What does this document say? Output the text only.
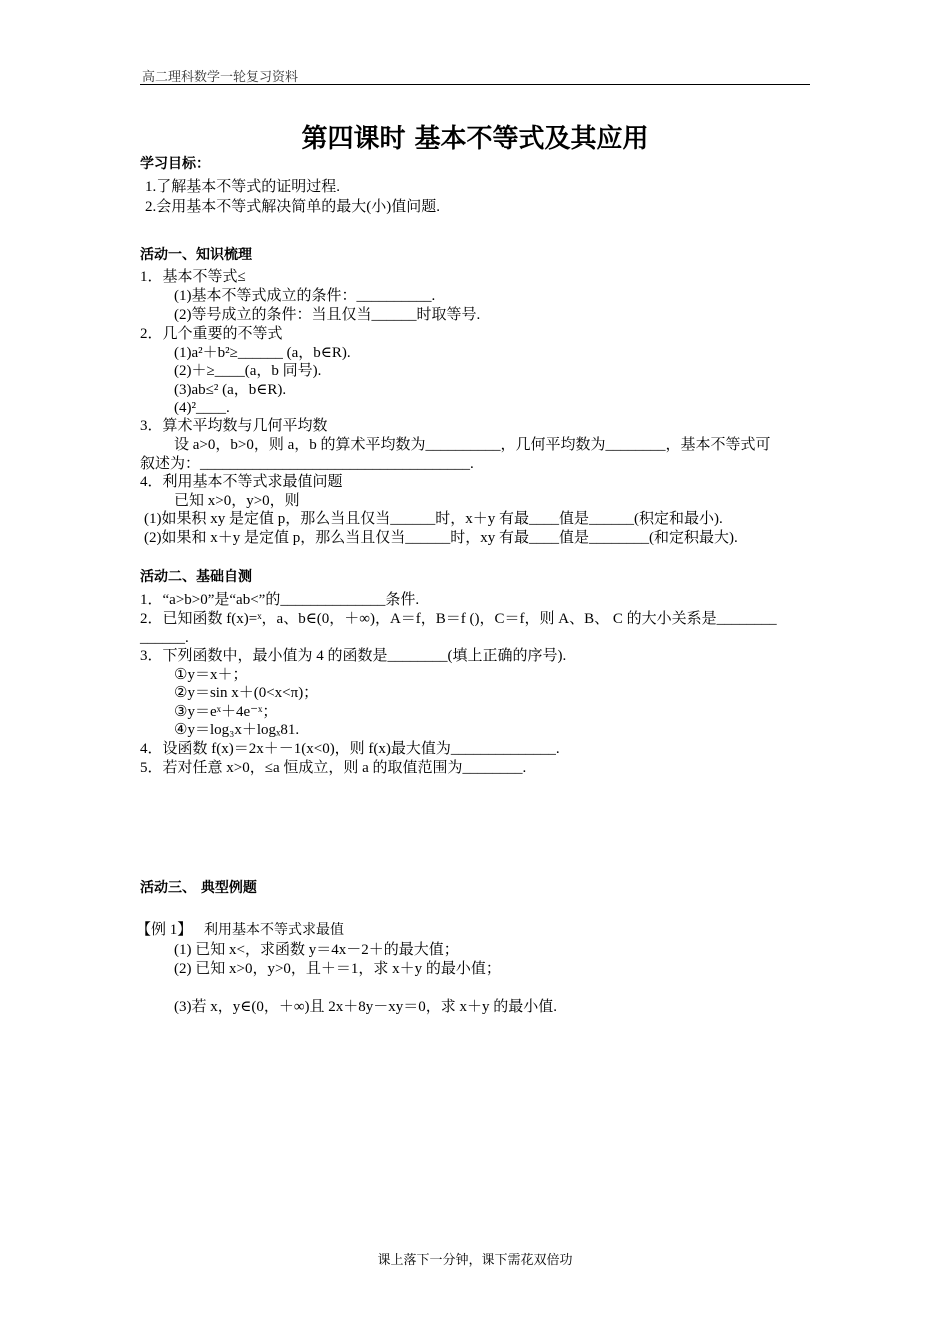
高二理科数学一轮复习资料
第四课时 基本不等式及其应用
学习目标：
1.了解基本不等式的证明过程.
2.会用基本不等式解决简单的最大(小)值问题.
活动一、知识梳理
1．基本不等式≤
(1)基本不等式成立的条件：__________.
(2)等号成立的条件：当且仅当______时取等号.
2．几个重要的不等式
(1)a²＋b²≥______ (a，b∈R).
(2)＋≥____(a，b 同号).
(3)ab≤² (a，b∈R).
(4)²____.
3．算术平均数与几何平均数
设 a>0，b>0，则 a，b 的算术平均数为__________，几何平均数为________，基本不等式可
叙述为：____________________________________.
4．利用基本不等式求最值问题
已知 x>0，y>0，则
(1)如果积 xy 是定值 p，那么当且仅当______时，x＋y 有最____值是______(积定和最小).
(2)如果和 x＋y 是定值 p，那么当且仅当______时，xy 有最____值是________(和定积最大).
活动二、基础自测
1．“a>b>0”是“ab<”的______________条件.
2．已知函数 f(x)=ˣ，a、b∈(0，＋∞)，A＝f，B＝f ()，C＝f，则 A、B、 C 的大小关系是________
______.
3．下列函数中，最小值为 4 的函数是________(填上正确的序号).
①y＝x＋；
②y＝sin x＋(0<x<π)；
③y＝eˣ＋4e⁻ˣ；
④y＝log₃x＋logₓ81.
4．设函数 f(x)＝2x＋－1(x<0)，则 f(x)最大值为______________.
5．若对任意 x>0，≤a 恒成立，则 a 的取值范围为________.
活动三、 典型例题
【例 1】 利用基本不等式求最值
(1) 已知 x<，求函数 y＝4x－2＋的最大值；
(2) 已知 x>0，y>0，且＋＝1，求 x＋y 的最小值；
(3)若 x，y∈(0，＋∞)且 2x＋8y－xy＝0，求 x＋y 的最小值.
课上落下一分钟，课下需花双倍功
